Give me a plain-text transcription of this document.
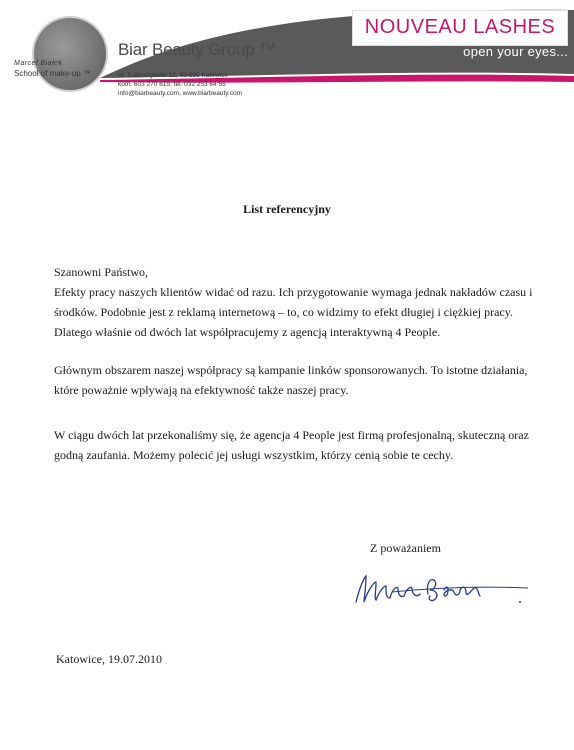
Marcel Białek
School of make-up ™
Biar Beauty Group ™
ul. Traktorzystów 12, 40-695 Katowice
kom. 603 270 619, tel. 032 253 64 55
info@biarbeauty.com, www.biarbeauty.com
NOUVEAU LASHES
open your eyes...
List referencyjny
Szanowni Państwo,
Efekty pracy naszych klientów widać od razu. Ich przygotowanie wymaga jednak nakładów czasu i
środków. Podobnie jest z reklamą internetową – to, co widzimy to efekt długiej i ciężkiej pracy.
Dlatego właśnie od dwóch lat współpracujemy z agencją interaktywną 4 People.
Głównym obszarem naszej współpracy są kampanie linków sponsorowanych. To istotne działania,
które poważnie wpływają na efektywność także naszej pracy.
W ciągu dwóch lat przekonaliśmy się, że agencja 4 People jest firmą profesjonalną, skuteczną oraz
godną zaufania. Możemy polecić jej usługi wszystkim, którzy cenią sobie te cechy.
Z poważaniem
Katowice, 19.07.2010
